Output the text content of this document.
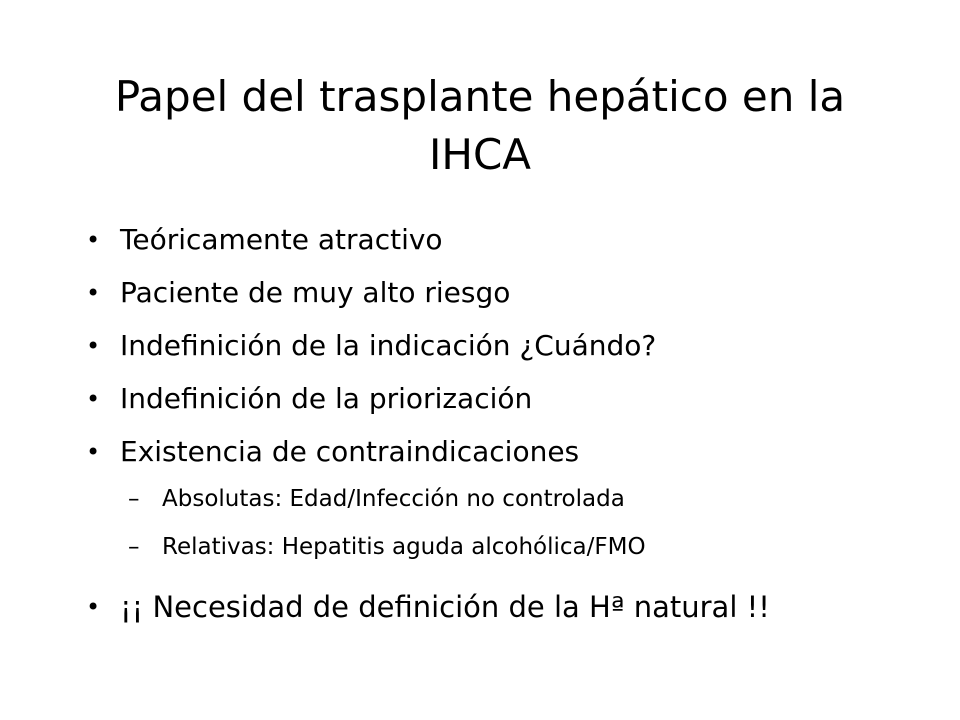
Papel del trasplante hepático en la IHCA
• Teóricamente atractivo
• Paciente de muy alto riesgo
• Indefinición de la indicación ¿Cuándo?
• Indefinición de la priorización
• Existencia de contraindicaciones
– Absolutas: Edad/Infección no controlada
– Relativas: Hepatitis aguda alcohólica/FMO
• ¡¡ Necesidad de definición de la Hª natural !!
